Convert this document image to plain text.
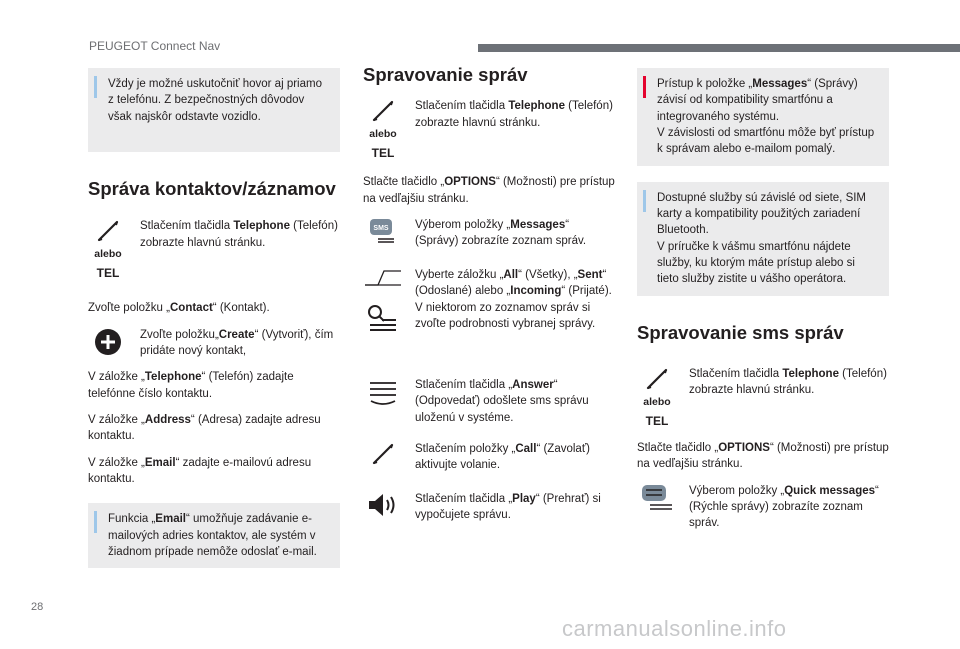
PEUGEOT Connect Nav

Vždy je možné uskutočniť hovor aj priamo z telefónu. Z bezpečnostných dôvodov však najskôr odstavte vozidlo.

Správa kontaktov/záznamov
alebo
TEL

Stlačením tlačidla Telephone (Telefón) zobrazte hlavnú stránku.

Zvoľte položku „Contact“ (Kontakt).

Zvoľte položku„Create“ (Vytvoriť), čím pridáte nový kontakt,

V záložke „Telephone“ (Telefón) zadajte telefónne číslo kontaktu.

V záložke „Address“ (Adresa) zadajte adresu kontaktu.

V záložke „Email“ zadajte e-mailovú adresu kontaktu.

Funkcia „Email“ umožňuje zadávanie e-mailových adries kontaktov, ale systém v žiadnom prípade nemôže odoslať e-mail.

Spravovanie správ
alebo
TEL

Stlačením tlačidla Telephone (Telefón) zobrazte hlavnú stránku.

Stlačte tlačidlo „OPTIONS“ (Možnosti) pre prístup na vedľajšiu stránku.

SMS Výberom položky „Messages“ (Správy) zobrazíte zoznam správ.

Vyberte záložku „All“ (Všetky), „Sent“ (Odoslané) alebo „Incoming“ (Prijaté).
V niektorom zo zoznamov správ si zvoľte podrobnosti vybranej správy.

Stlačením tlačidla „Answer“ (Odpovedať) odošlete sms správu uloženú v systéme.

Stlačením položky „Call“ (Zavolať) aktivujte volanie.

Stlačením tlačidla „Play“ (Prehrať) si vypočujete správu.

Prístup k položke „Messages“ (Správy) závisí od kompatibility smartfónu a integrovaného systému.
V závislosti od smartfónu môže byť prístup k správam alebo e-mailom pomalý.

Dostupné služby sú závislé od siete, SIM karty a kompatibility použitých zariadení Bluetooth.
V príručke k vášmu smartfónu nájdete služby, ku ktorým máte prístup alebo si tieto služby zistite u vášho operátora.

Spravovanie sms správ
alebo
TEL

Stlačením tlačidla Telephone (Telefón) zobrazte hlavnú stránku.

Stlačte tlačidlo „OPTIONS“ (Možnosti) pre prístup na vedľajšiu stránku.

Výberom položky „Quick messages“ (Rýchle správy) zobrazíte zoznam správ.

28
carmanualsonline.info
